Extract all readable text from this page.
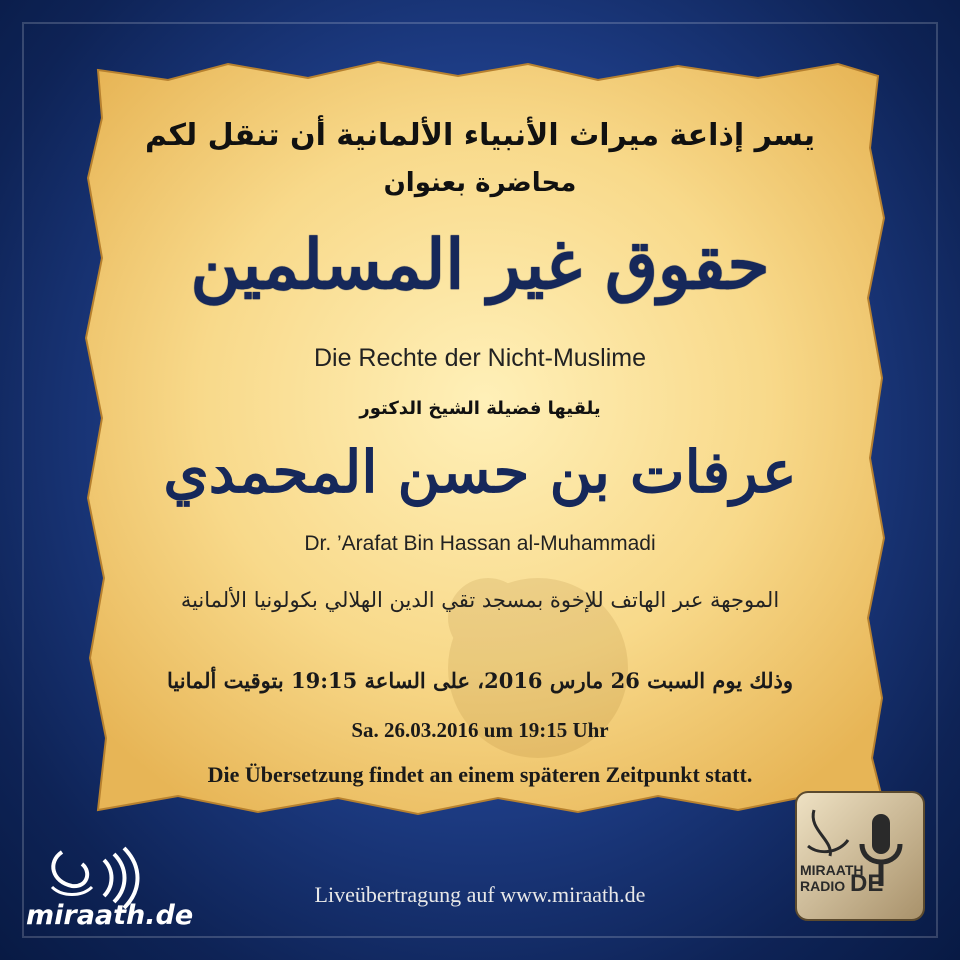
يسر إذاعة ميراث الأنبياء الألمانية أن تنقل لكم
محاضرة بعنوان
حقوق غير المسلمين
Die Rechte der Nicht-Muslime
يلقيها فضيلة الشيخ الدكتور
عرفات بن حسن المحمدي
Dr. ’Arafat Bin Hassan al-Muhammadi
الموجهة عبر الهاتف للإخوة بمسجد تقي الدين الهلالي بكولونيا الألمانية
وذلك يوم السبت 26 مارس 2016، على الساعة 19:15 بتوقيت ألمانيا
Sa. 26.03.2016 um 19:15 Uhr
Die Übersetzung findet an einem späteren Zeitpunkt statt.
Liveübertragung auf www.miraath.de
miraath.de
MIRAATH
RADIO DE
